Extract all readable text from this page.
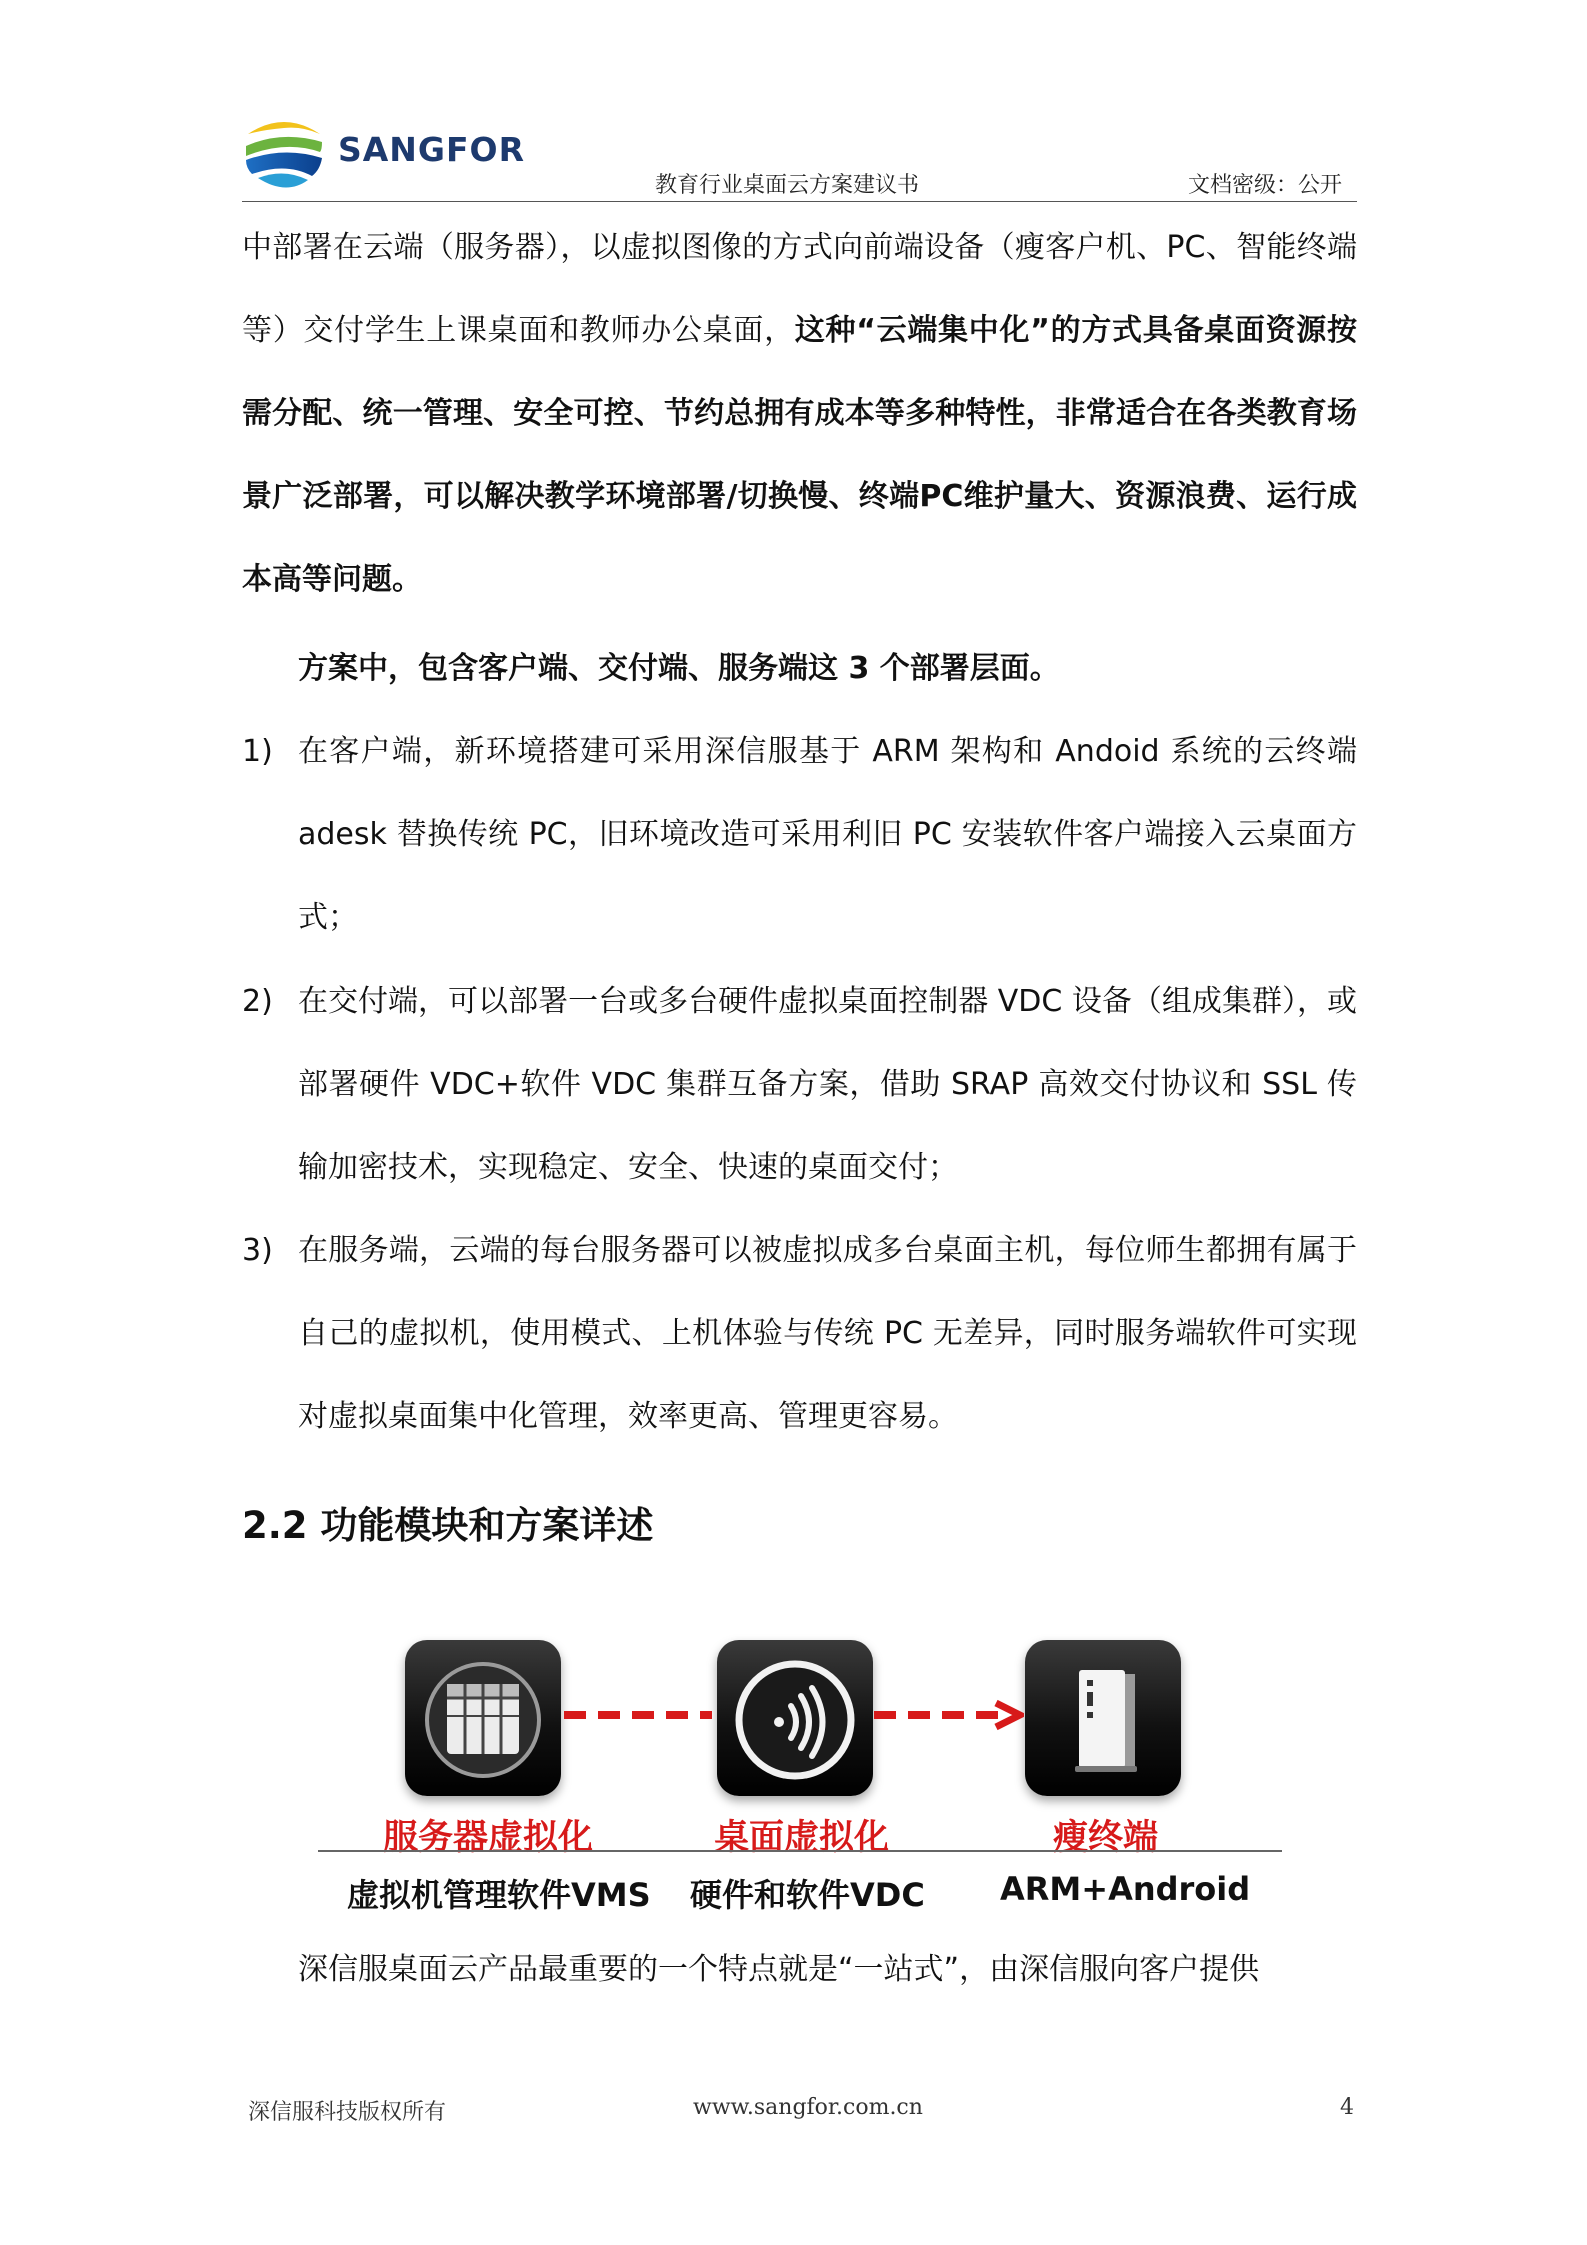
SANGFOR
教育行业桌面云方案建议书	文档密级：公开
中部署在云端（服务器），以虚拟图像的方式向前端设备（瘦客户机、PC、智能终端等）交付学生上课桌面和教师办公桌面，这种“云端集中化”的方式具备桌面资源按需分配、统一管理、安全可控、节约总拥有成本等多种特性，非常适合在各类教育场景广泛部署，可以解决教学环境部署/切换慢、终端PC维护量大、资源浪费、运行成本高等问题。
方案中，包含客户端、交付端、服务端这 3 个部署层面。
1) 在客户端，新环境搭建可采用深信服基于 ARM 架构和 Andoid 系统的云终端 adesk 替换传统 PC，旧环境改造可采用利旧 PC 安装软件客户端接入云桌面方式；
2) 在交付端，可以部署一台或多台硬件虚拟桌面控制器 VDC 设备（组成集群），或部署硬件 VDC+软件 VDC 集群互备方案，借助 SRAP 高效交付协议和 SSL 传输加密技术，实现稳定、安全、快速的桌面交付；
3) 在服务端，云端的每台服务器可以被虚拟成多台桌面主机，每位师生都拥有属于自己的虚拟机，使用模式、上机体验与传统 PC 无差异，同时服务端软件可实现对虚拟桌面集中化管理，效率更高、管理更容易。
2.2 功能模块和方案详述
服务器虚拟化	桌面虚拟化	瘦终端
虚拟机管理软件VMS 硬件和软件VDC ARM+Android
深信服桌面云产品最重要的一个特点就是“一站式”，由深信服向客户提供
深信服科技版权所有	www.sangfor.com.cn	4
